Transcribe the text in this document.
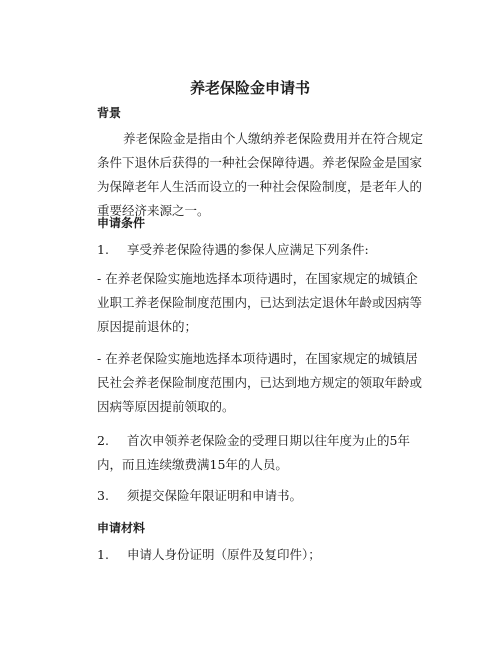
养老保险金申请书
背景
养老保险金是指由个人缴纳养老保险费用并在符合规定条件下退休后获得的一种社会保障待遇。养老保险金是国家为保障老年人生活而设立的一种社会保险制度，是老年人的重要经济来源之一。
申请条件
1. 享受养老保险待遇的参保人应满足下列条件:
- 在养老保险实施地选择本项待遇时，在国家规定的城镇企业职工养老保险制度范围内，已达到法定退休年龄或因病等原因提前退休的；
- 在养老保险实施地选择本项待遇时，在国家规定的城镇居民社会养老保险制度范围内，已达到地方规定的领取年龄或因病等原因提前领取的。
2. 首次申领养老保险金的受理日期以往年度为止的5年内，而且连续缴费满15年的人员。
3. 须提交保险年限证明和申请书。
申请材料
1. 申请人身份证明（原件及复印件）；
